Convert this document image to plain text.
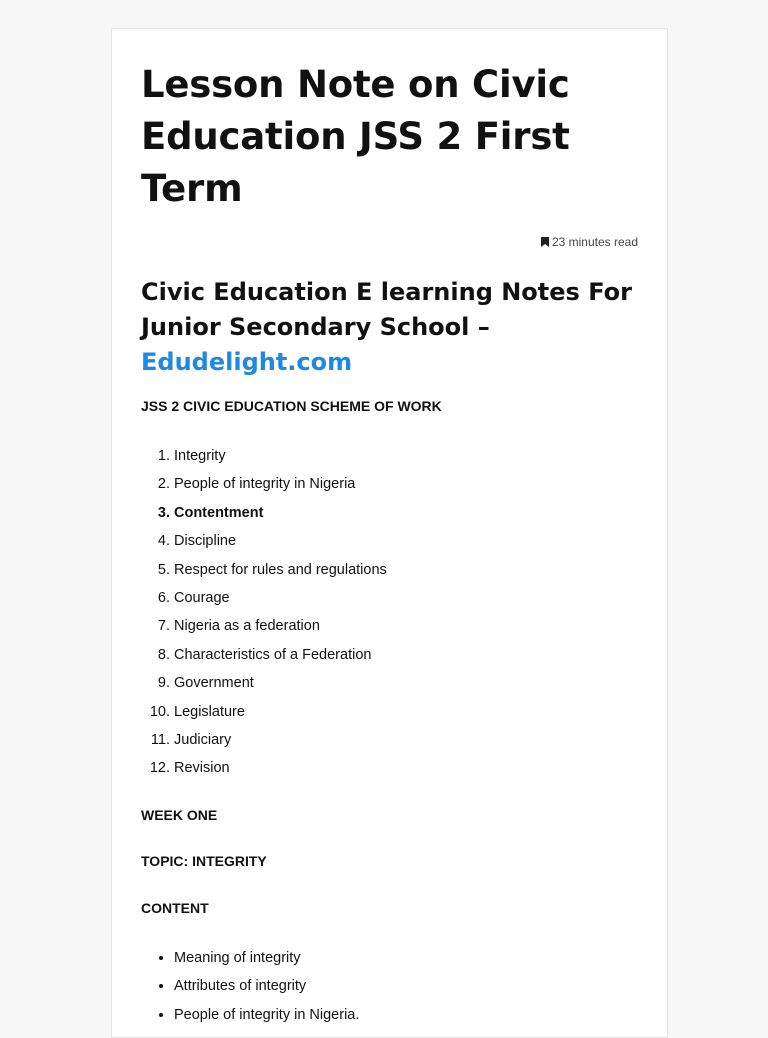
Lesson Note on Civic Education JSS 2 First Term
23 minutes read
Civic Education E learning Notes For Junior Secondary School – Edudelight.com

JSS 2 CIVIC EDUCATION SCHEME OF WORK

1. Integrity
2. People of integrity in Nigeria
3. Contentment
4. Discipline
5. Respect for rules and regulations
6. Courage
7. Nigeria as a federation
8. Characteristics of a Federation
9. Government
10. Legislature
11. Judiciary
12. Revision

WEEK ONE

TOPIC: INTEGRITY

CONTENT

• Meaning of integrity
• Attributes of integrity
• People of integrity in Nigeria.
